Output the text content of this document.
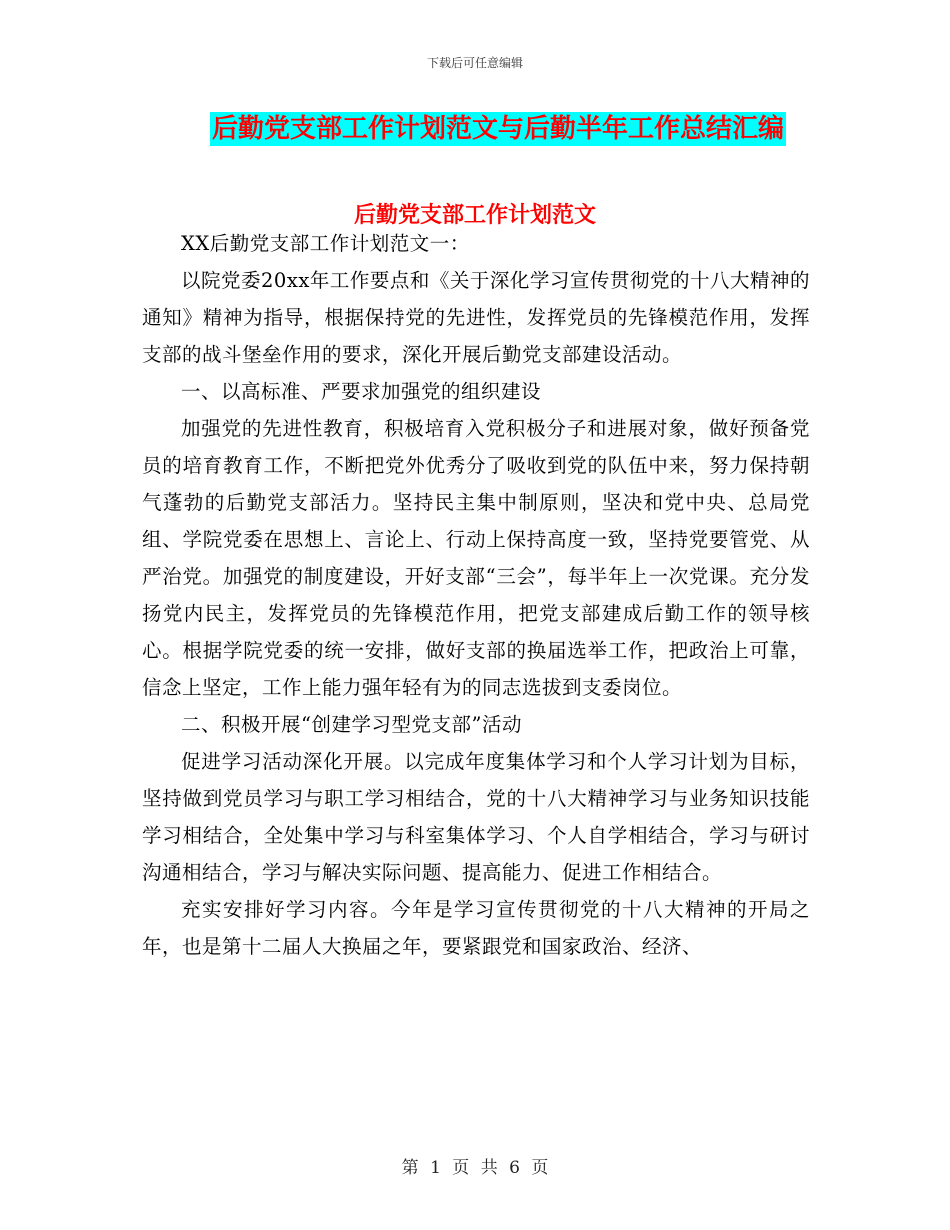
下载后可任意编辑
后勤党支部工作计划范文与后勤半年工作总结汇编
后勤党支部工作计划范文

XX后勤党支部工作计划范文一：

以院党委20xx年工作要点和《关于深化学习宣传贯彻党的十八大精神的通知》精神为指导，根据保持党的先进性，发挥党员的先锋模范作用，发挥支部的战斗堡垒作用的要求，深化开展后勤党支部建设活动。

一、以高标准、严要求加强党的组织建设

加强党的先进性教育，积极培育入党积极分子和进展对象，做好预备党员的培育教育工作，不断把党外优秀分了吸收到党的队伍中来，努力保持朝气蓬勃的后勤党支部活力。坚持民主集中制原则，坚决和党中央、总局党组、学院党委在思想上、言论上、行动上保持高度一致，坚持党要管党、从严治党。加强党的制度建设，开好支部“三会”，每半年上一次党课。充分发扬党内民主，发挥党员的先锋模范作用，把党支部建成后勤工作的领导核心。根据学院党委的统一安排，做好支部的换届选举工作，把政治上可靠，信念上坚定，工作上能力强年轻有为的同志选拔到支委岗位。

二、积极开展“创建学习型党支部”活动

促进学习活动深化开展。以完成年度集体学习和个人学习计划为目标，坚持做到党员学习与职工学习相结合，党的十八大精神学习与业务知识技能学习相结合，全处集中学习与科室集体学习、个人自学相结合，学习与研讨沟通相结合，学习与解决实际问题、提高能力、促进工作相结合。

充实安排好学习内容。今年是学习宣传贯彻党的十八大精神的开局之年，也是第十二届人大换届之年，要紧跟党和国家政治、经济、

第 1 页 共 6 页
